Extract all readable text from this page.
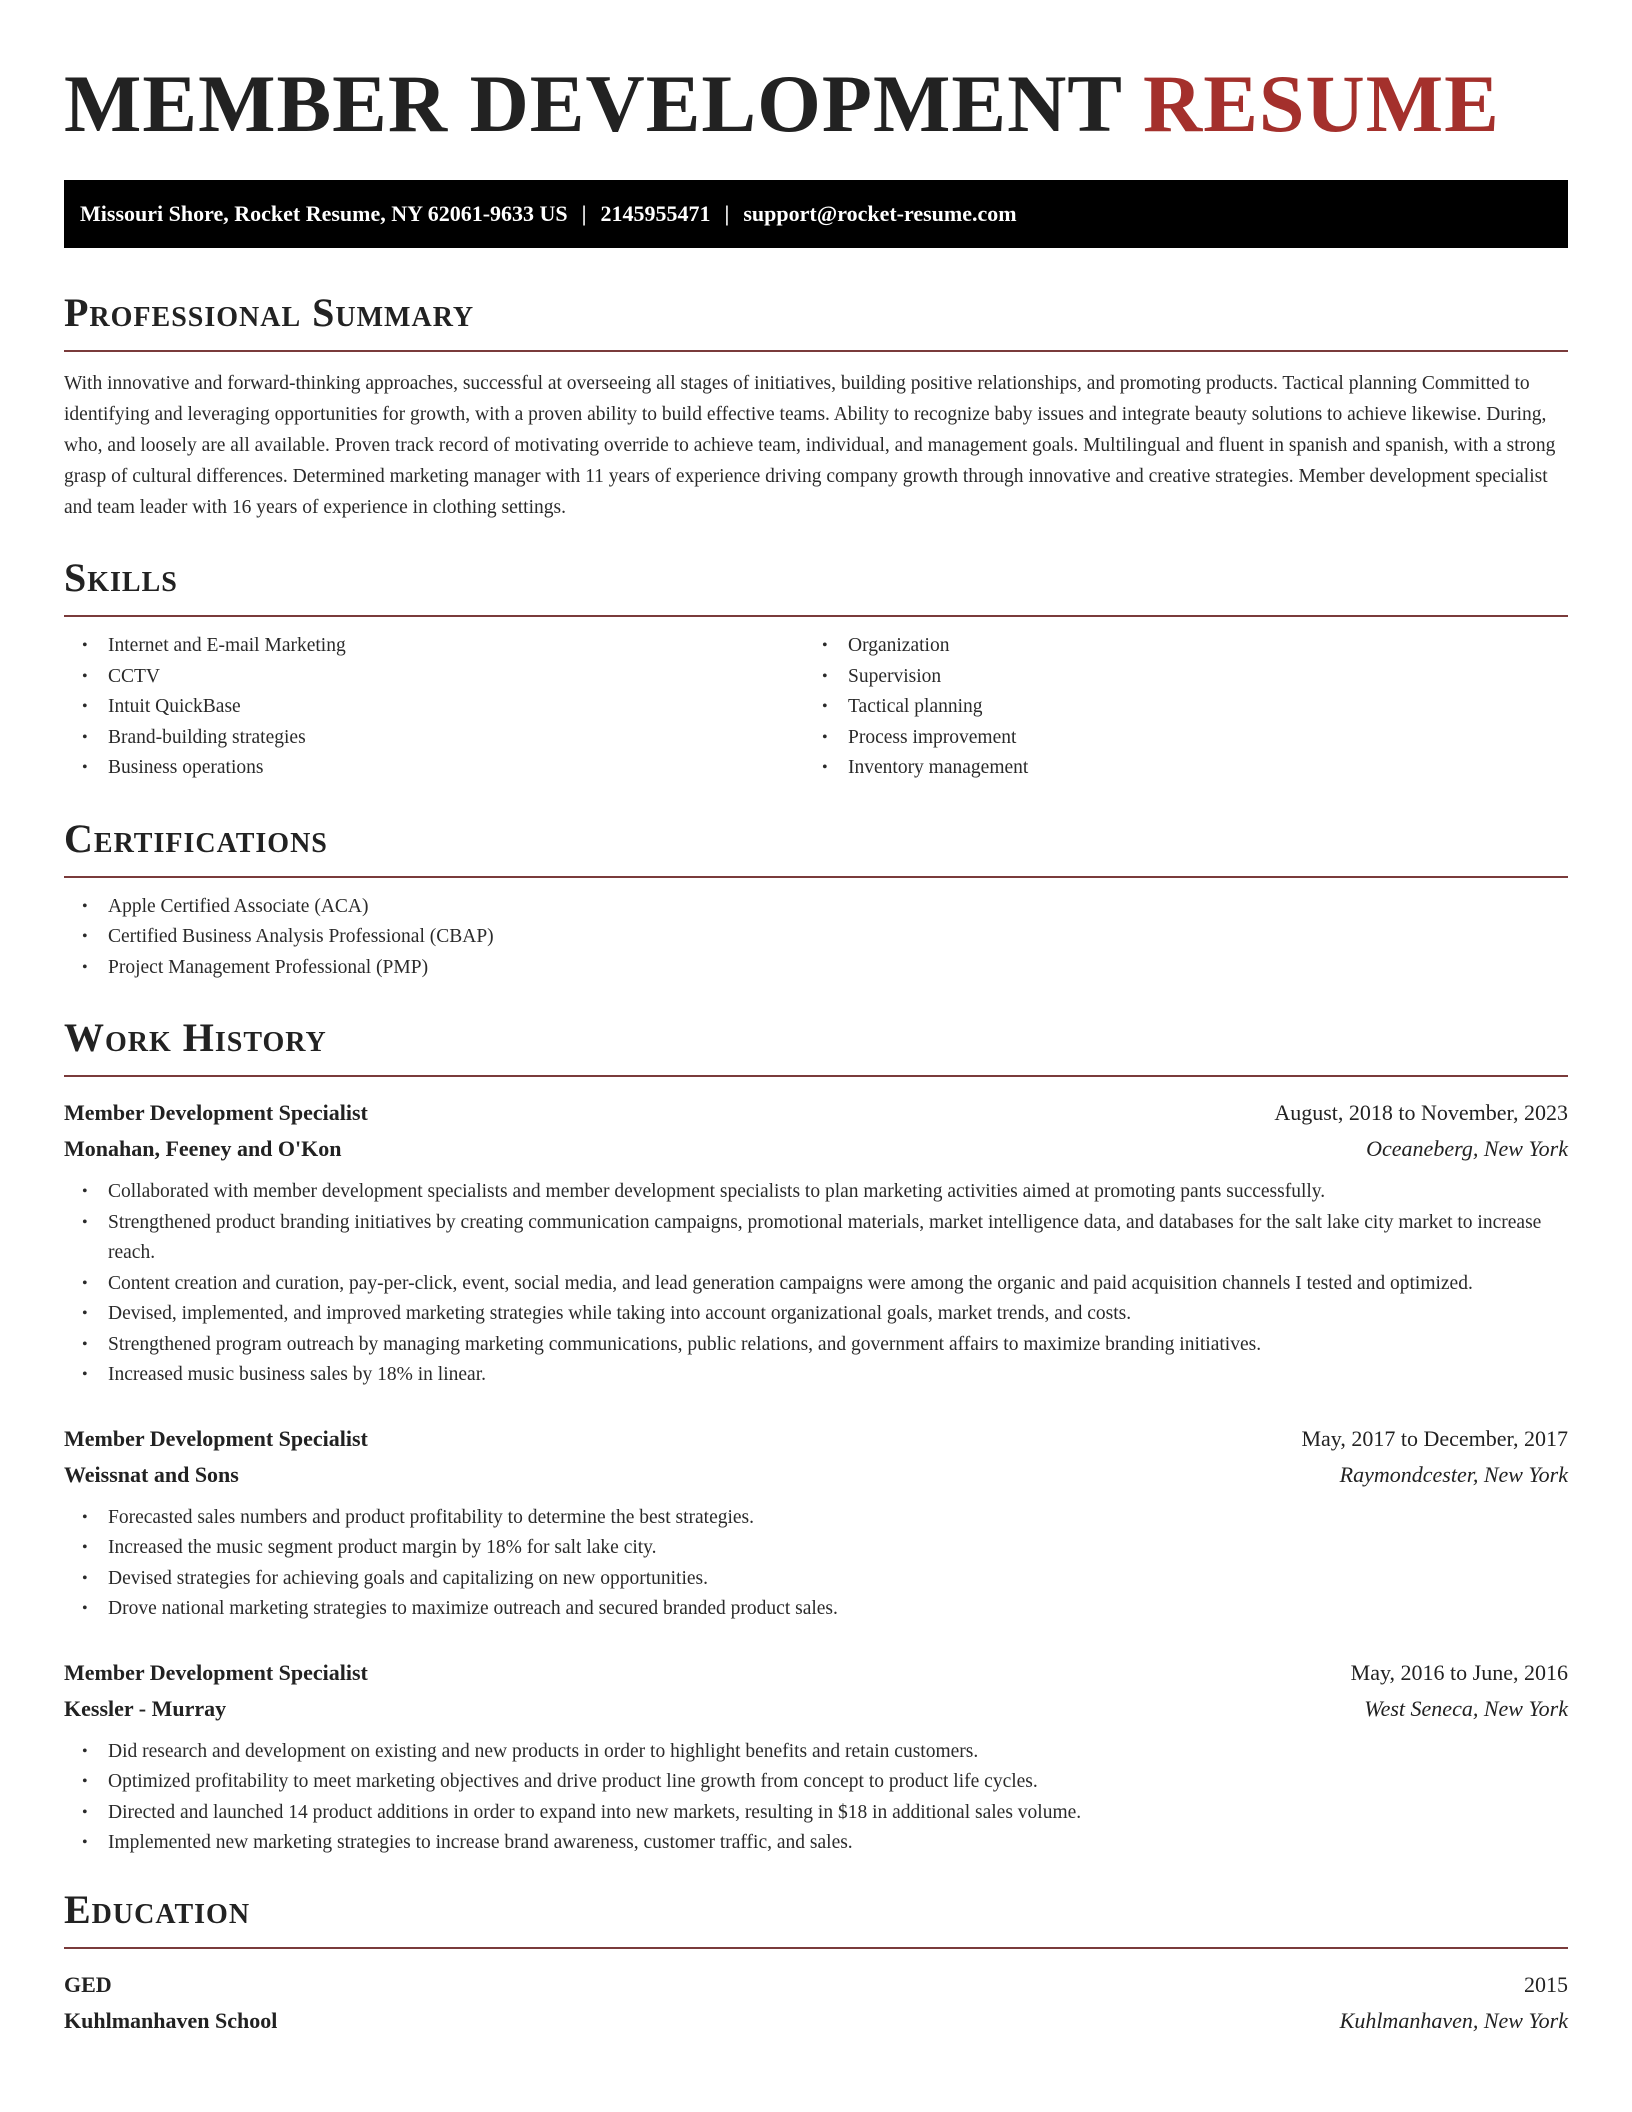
MEMBER DEVELOPMENT RESUME
Missouri Shore, Rocket Resume, NY 62061-9633 US | 2145955471 | support@rocket-resume.com
Professional Summary

With innovative and forward-thinking approaches, successful at overseeing all stages of initiatives, building positive relationships, and promoting products. Tactical planning Committed to identifying and leveraging opportunities for growth, with a proven ability to build effective teams. Ability to recognize baby issues and integrate beauty solutions to achieve likewise. During, who, and loosely are all available. Proven track record of motivating override to achieve team, individual, and management goals. Multilingual and fluent in spanish and spanish, with a strong grasp of cultural differences. Determined marketing manager with 11 years of experience driving company growth through innovative and creative strategies. Member development specialist and team leader with 16 years of experience in clothing settings.

Skills
• Internet and E-mail Marketing
• CCTV
• Intuit QuickBase
• Brand-building strategies
• Business operations
• Organization
• Supervision
• Tactical planning
• Process improvement
• Inventory management
Certifications
• Apple Certified Associate (ACA)
• Certified Business Analysis Professional (CBAP)
• Project Management Professional (PMP)
Work History
Member Development Specialist	August, 2018 to November, 2023
Monahan, Feeney and O'Kon	Oceaneberg, New York
• Collaborated with member development specialists and member development specialists to plan marketing activities aimed at promoting pants successfully.
• Strengthened product branding initiatives by creating communication campaigns, promotional materials, market intelligence data, and databases for the salt lake city market to increase reach.
• Content creation and curation, pay-per-click, event, social media, and lead generation campaigns were among the organic and paid acquisition channels I tested and optimized.
• Devised, implemented, and improved marketing strategies while taking into account organizational goals, market trends, and costs.
• Strengthened program outreach by managing marketing communications, public relations, and government affairs to maximize branding initiatives.
• Increased music business sales by 18% in linear.
Member Development Specialist	May, 2017 to December, 2017
Weissnat and Sons	Raymondcester, New York
• Forecasted sales numbers and product profitability to determine the best strategies.
• Increased the music segment product margin by 18% for salt lake city.
• Devised strategies for achieving goals and capitalizing on new opportunities.
• Drove national marketing strategies to maximize outreach and secured branded product sales.
Member Development Specialist	May, 2016 to June, 2016
Kessler - Murray	West Seneca, New York
• Did research and development on existing and new products in order to highlight benefits and retain customers.
• Optimized profitability to meet marketing objectives and drive product line growth from concept to product life cycles.
• Directed and launched 14 product additions in order to expand into new markets, resulting in $18 in additional sales volume.
• Implemented new marketing strategies to increase brand awareness, customer traffic, and sales.
Education
GED	2015
Kuhlmanhaven School	Kuhlmanhaven, New York
